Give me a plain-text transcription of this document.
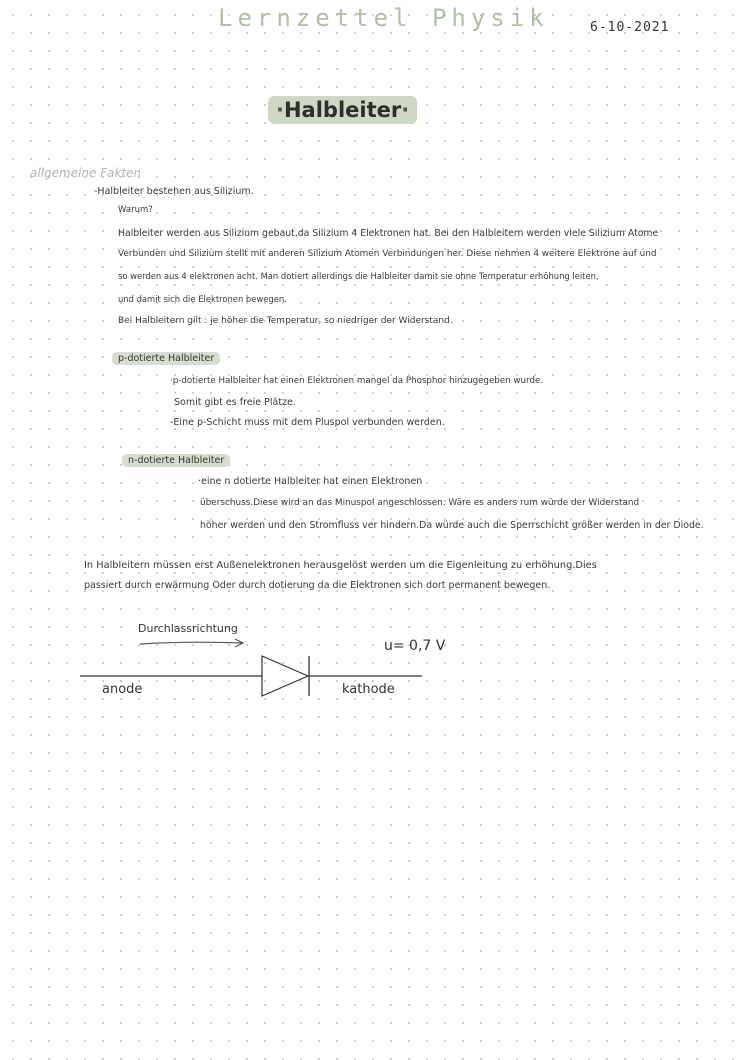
Lernzettel Physik	6-10-2021
·Halbleiter·
allgemeine Fakten
-Halbleiter bestehen aus Silizium.
Warum?
Halbleiter werden aus Silizium gebaut,da Silizium 4 Elektronen hat. Bei den Halbleitern werden viele Silizium Atome
Verbunden und Silizium stellt mit anderen Silizium Atomen Verbindungen her. Diese nehmen 4 weitere Elektrone auf und
so werden aus 4 elektronen acht. Man dotiert allerdings die Halbleiter damit sie ohne Temperatur erhöhung leiten,
und damit sich die Elektronen bewegen.
Bei Halbleitern gilt : je höher die Temperatur, so niedriger der Widerstand.
p-dotierte Halbleiter
·p-dotierte Halbleiter hat einen Elektronen mangel da Phosphor hinzugegeben wurde.
Somit gibt es freie Plätze.
-Eine p-Schicht muss mit dem Pluspol verbunden werden.
n-dotierte Halbleiter
·eine n dotierte Halbleiter hat einen Elektronen
überschuss.Diese wird an das Minuspol angeschlossen. Wäre es anders rum würde der Widerstand
höher werden und den Stromfluss ver hindern.Da würde auch die Sperrschicht größer werden in der Diode.
In Halbleitern müssen erst Außenelektronen herausgelöst werden um die Eigenleitung zu erhöhung.Dies
passiert durch erwärmung Oder durch dotierung da die Elektronen sich dort permanent bewegen.
Durchlassrichtung
u= 0,7 V
anode	kathode
